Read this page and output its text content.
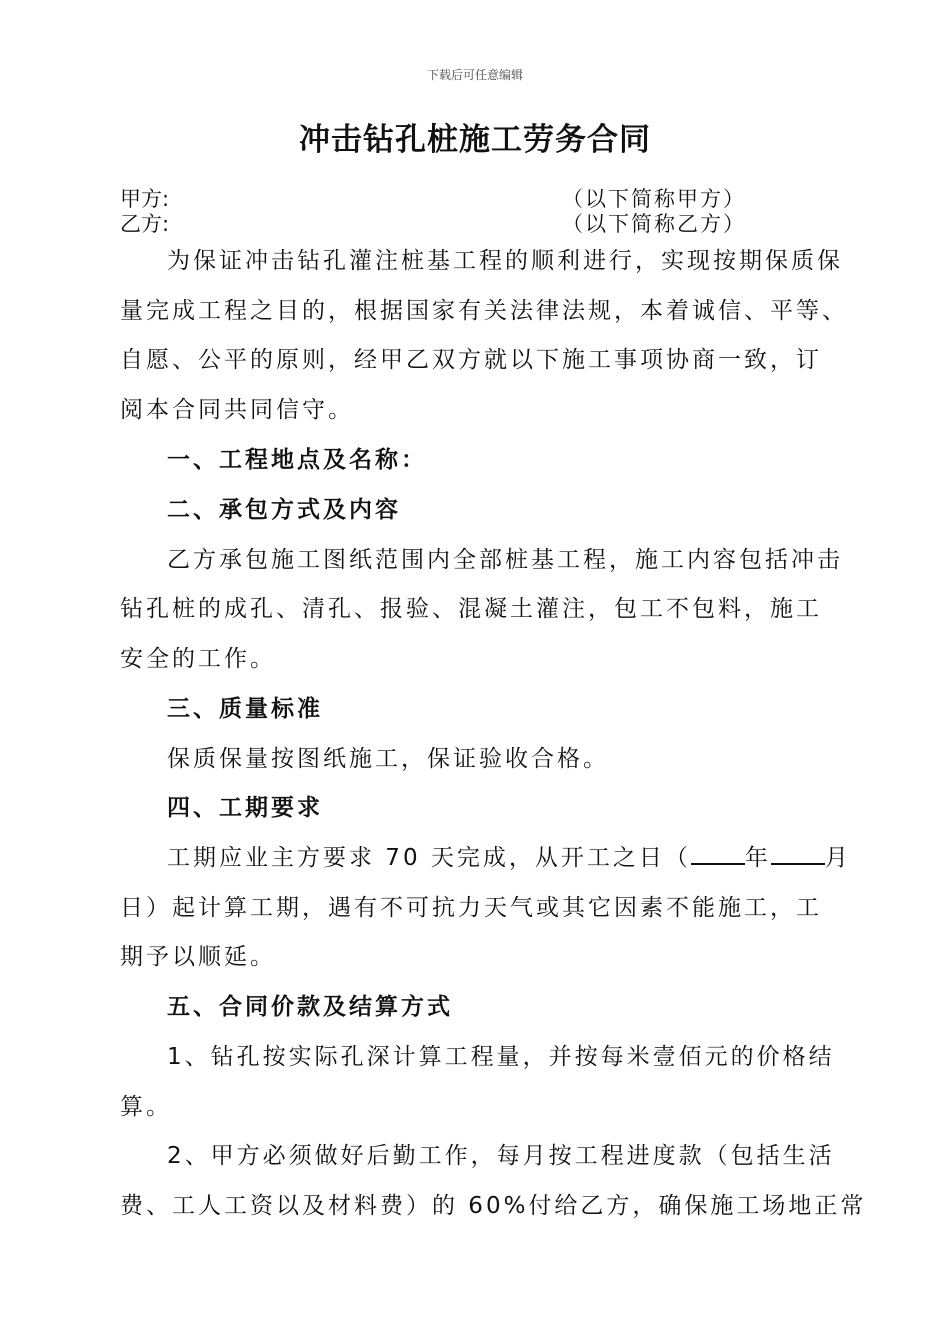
下载后可任意编辑
冲击钻孔桩施工劳务合同
甲方:	（以下简称甲方）
乙方:	（以下简称乙方）
为保证冲击钻孔灌注桩基工程的顺利进行，实现按期保质保
量完成工程之目的，根据国家有关法律法规，本着诚信、平等、
自愿、公平的原则，经甲乙双方就以下施工事项协商一致，订
阅本合同共同信守。
一、工程地点及名称：
二、承包方式及内容
乙方承包施工图纸范围内全部桩基工程，施工内容包括冲击
钻孔桩的成孔、清孔、报验、混凝土灌注，包工不包料，施工
安全的工作。
三、质量标准
保质保量按图纸施工，保证验收合格。
四、工期要求
工期应业主方要求 70 天完成，从开工之日（ 年 月
日）起计算工期，遇有不可抗力天气或其它因素不能施工，工
期予以顺延。
五、合同价款及结算方式
1、钻孔按实际孔深计算工程量，并按每米壹佰元的价格结
算。
2、甲方必须做好后勤工作，每月按工程进度款（包括生活
费、工人工资以及材料费）的 60%付给乙方，确保施工场地正常
